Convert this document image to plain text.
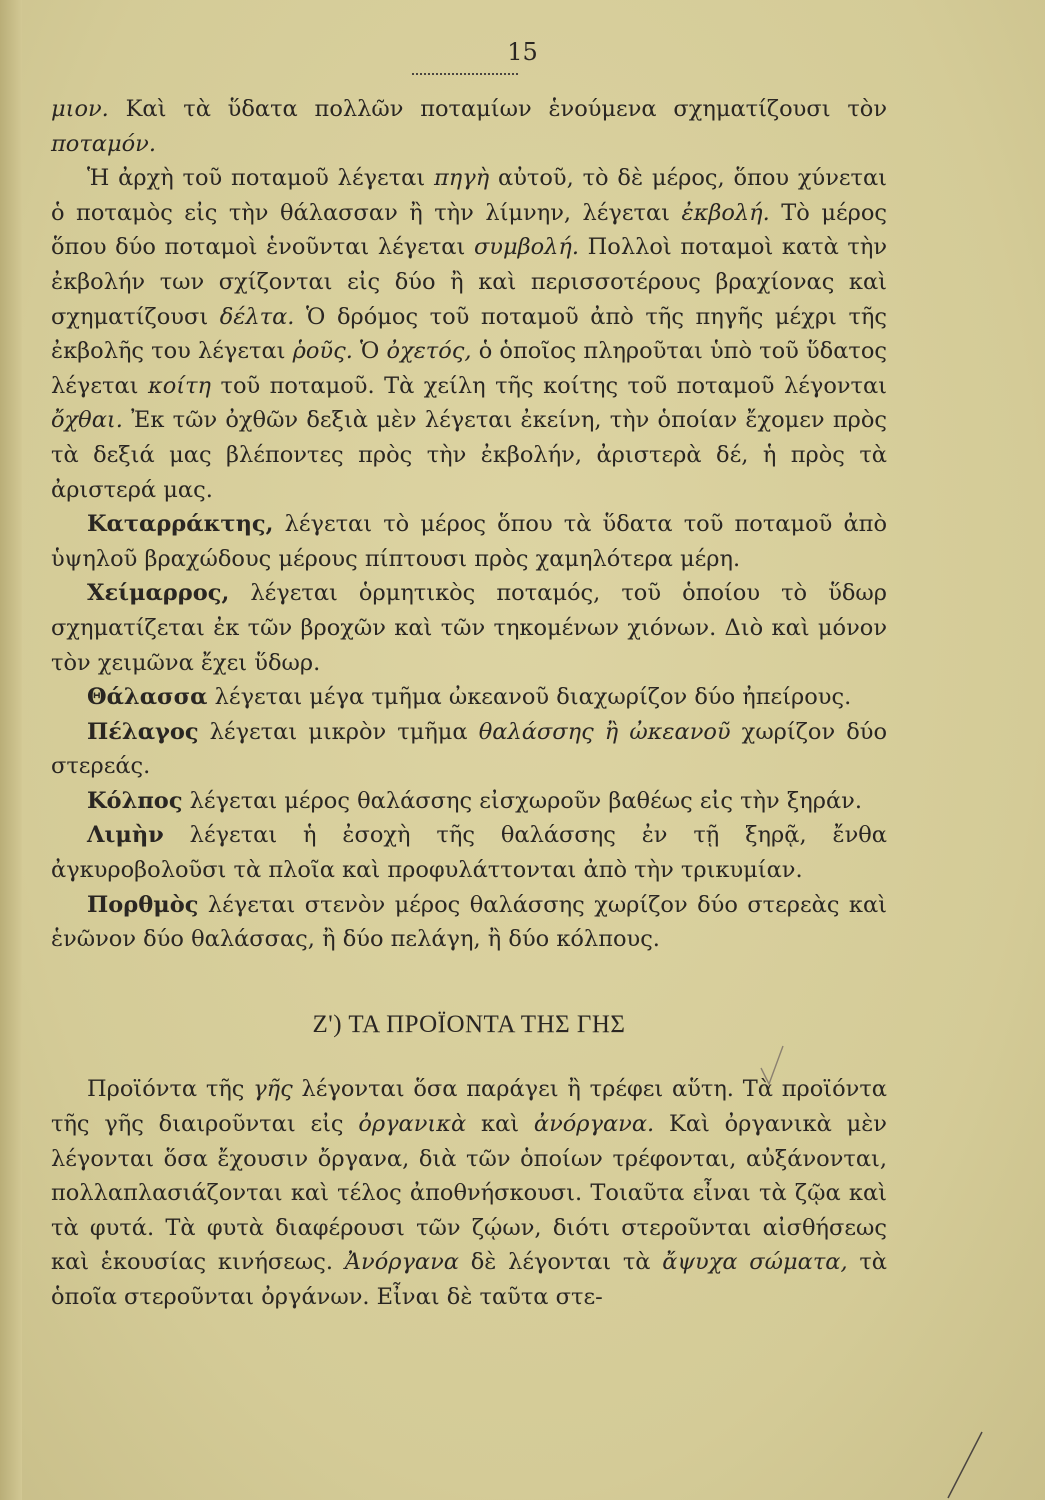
15

μιον. Καὶ τὰ ὕδατα πολλῶν ποταμίων ἑνούμενα σχηματίζουσι τὸν ποταμόν.

Ἡ ἀρχὴ τοῦ ποταμοῦ λέγεται πηγὴ αὐτοῦ, τὸ δὲ μέρος, ὅπου χύνεται ὁ ποταμὸς εἰς τὴν θάλασσαν ἢ τὴν λίμνην, λέγεται ἐκβολή. Τὸ μέρος ὅπου δύο ποταμοὶ ἑνοῦνται λέγεται συμβολή. Πολλοὶ ποταμοὶ κατὰ τὴν ἐκβολήν των σχίζονται εἰς δύο ἢ καὶ περισσοτέρους βραχίονας καὶ σχηματίζουσι δέλτα. Ὁ δρόμος τοῦ ποταμοῦ ἀπὸ τῆς πηγῆς μέχρι τῆς ἐκβολῆς του λέγεται ῥοῦς. Ὁ ὀχετός, ὁ ὁποῖος πληροῦται ὑπὸ τοῦ ὕδατος λέγεται κοίτη τοῦ ποταμοῦ. Τὰ χείλη τῆς κοίτης τοῦ ποταμοῦ λέγονται ὄχθαι. Ἐκ τῶν ὀχθῶν δεξιὰ μὲν λέγεται ἐκείνη, τὴν ὁποίαν ἔχομεν πρὸς τὰ δεξιά μας βλέποντες πρὸς τὴν ἐκβολήν, ἀριστερὰ δέ, ἡ πρὸς τὰ ἀριστερά μας.

Καταρράκτης, λέγεται τὸ μέρος ὅπου τὰ ὕδατα τοῦ ποταμοῦ ἀπὸ ὑψηλοῦ βραχώδους μέρους πίπτουσι πρὸς χαμηλότερα μέρη.

Χείμαρρος, λέγεται ὁρμητικὸς ποταμός, τοῦ ὁποίου τὸ ὕδωρ σχηματίζεται ἐκ τῶν βροχῶν καὶ τῶν τηκομένων χιόνων. Διὸ καὶ μόνον τὸν χειμῶνα ἔχει ὕδωρ.

Θάλασσα λέγεται μέγα τμῆμα ὠκεανοῦ διαχωρίζον δύο ἠπείρους.

Πέλαγος λέγεται μικρὸν τμῆμα θαλάσσης ἢ ὠκεανοῦ χωρίζον δύο στερεάς.

Κόλπος λέγεται μέρος θαλάσσης εἰσχωροῦν βαθέως εἰς τὴν ξηράν.

Λιμὴν λέγεται ἡ ἐσοχὴ τῆς θαλάσσης ἐν τῇ ξηρᾷ, ἔνθα ἀγκυροβολοῦσι τὰ πλοῖα καὶ προφυλάττονται ἀπὸ τὴν τρικυμίαν.

Πορθμὸς λέγεται στενὸν μέρος θαλάσσης χωρίζον δύο στερεὰς καὶ ἑνῶνον δύο θαλάσσας, ἢ δύο πελάγη, ἢ δύο κόλπους.

Ζ') ΤΑ ΠΡΟΪΟΝΤΑ ΤΗΣ ΓΗΣ

Προϊόντα τῆς γῆς λέγονται ὅσα παράγει ἢ τρέφει αὕτη. Τὰ προϊόντα τῆς γῆς διαιροῦνται εἰς ὀργανικὰ καὶ ἀνόργανα. Καὶ ὀργανικὰ μὲν λέγονται ὅσα ἔχουσιν ὄργανα, διὰ τῶν ὁποίων τρέφονται, αὐξάνονται, πολλαπλασιάζονται καὶ τέλος ἀποθνήσκουσι. Τοιαῦτα εἶναι τὰ ζῷα καὶ τὰ φυτά. Τὰ φυτὰ διαφέρουσι τῶν ζῴων, διότι στεροῦνται αἰσθήσεως καὶ ἑκουσίας κινήσεως. Ἀνόργανα δὲ λέγονται τὰ ἄψυχα σώματα, τὰ ὁποῖα στεροῦνται ὀργάνων. Εἶναι δὲ ταῦτα στε-
